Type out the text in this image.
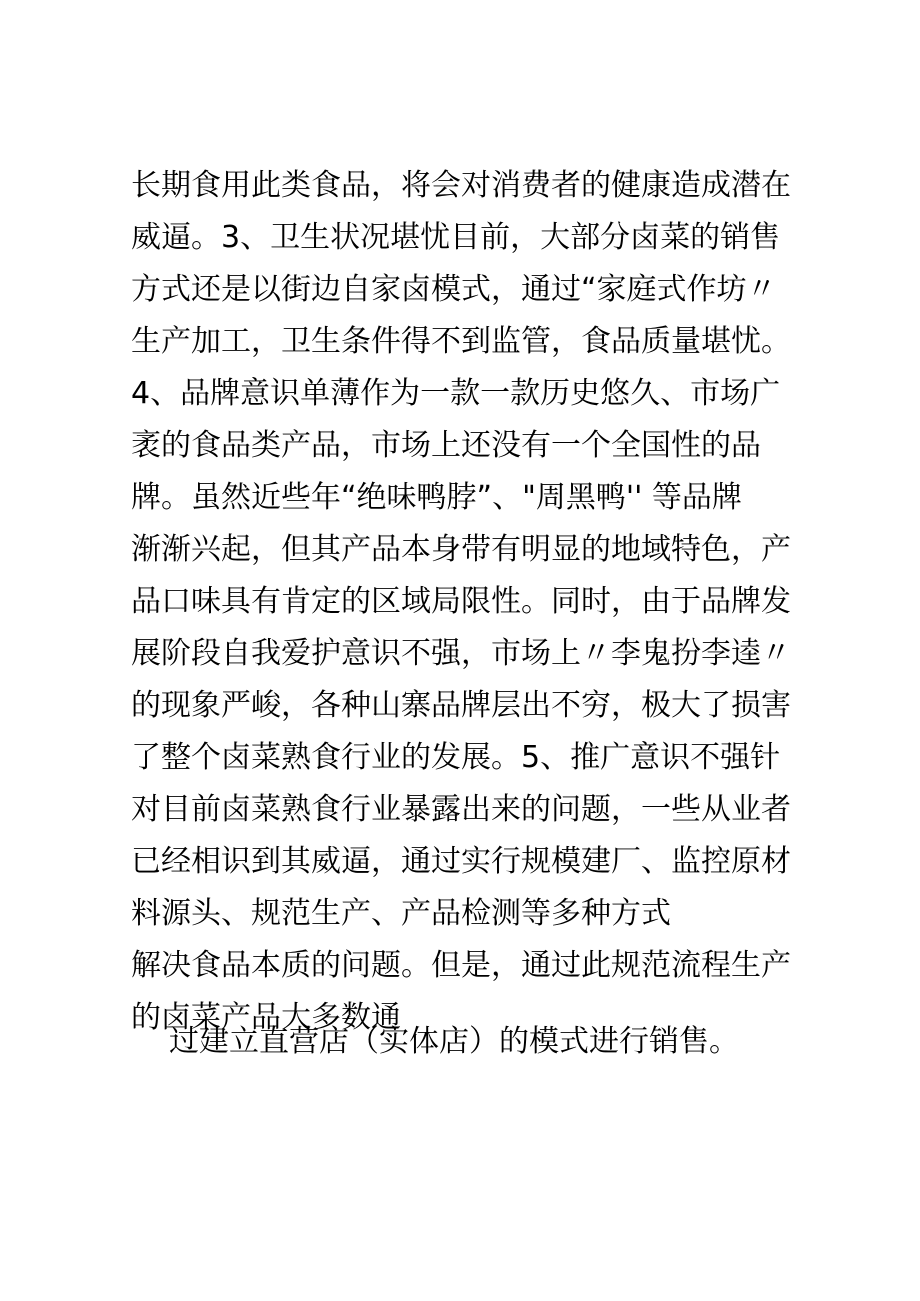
长期食用此类食品，将会对消费者的健康造成潜在
威逼。3、卫生状况堪忧目前，大部分卤菜的销售
方式还是以街边自家卤模式，通过“家庭式作坊〃
生产加工，卫生条件得不到监管，食品质量堪忧。
4、品牌意识单薄作为一款一款历史悠久、市场广
袤的食品类产品，市场上还没有一个全国性的品
牌。虽然近些年“绝味鸭脖”、"周黑鸭'' 等品牌
渐渐兴起，但其产品本身带有明显的地域特色，产
品口味具有肯定的区域局限性。同时，由于品牌发
展阶段自我爱护意识不强，市场上〃李鬼扮李逵〃
的现象严峻，各种山寨品牌层出不穷，极大了损害
了整个卤菜熟食行业的发展。5、推广意识不强针
对目前卤菜熟食行业暴露出来的问题，一些从业者
已经相识到其威逼，通过实行规模建厂、监控原材
料源头、规范生产、产品检测等多种方式
解决食品本质的问题。但是，通过此规范流程生产
的卤菜产品大多数通
过建立直营店（实体店）的模式进行销售。
